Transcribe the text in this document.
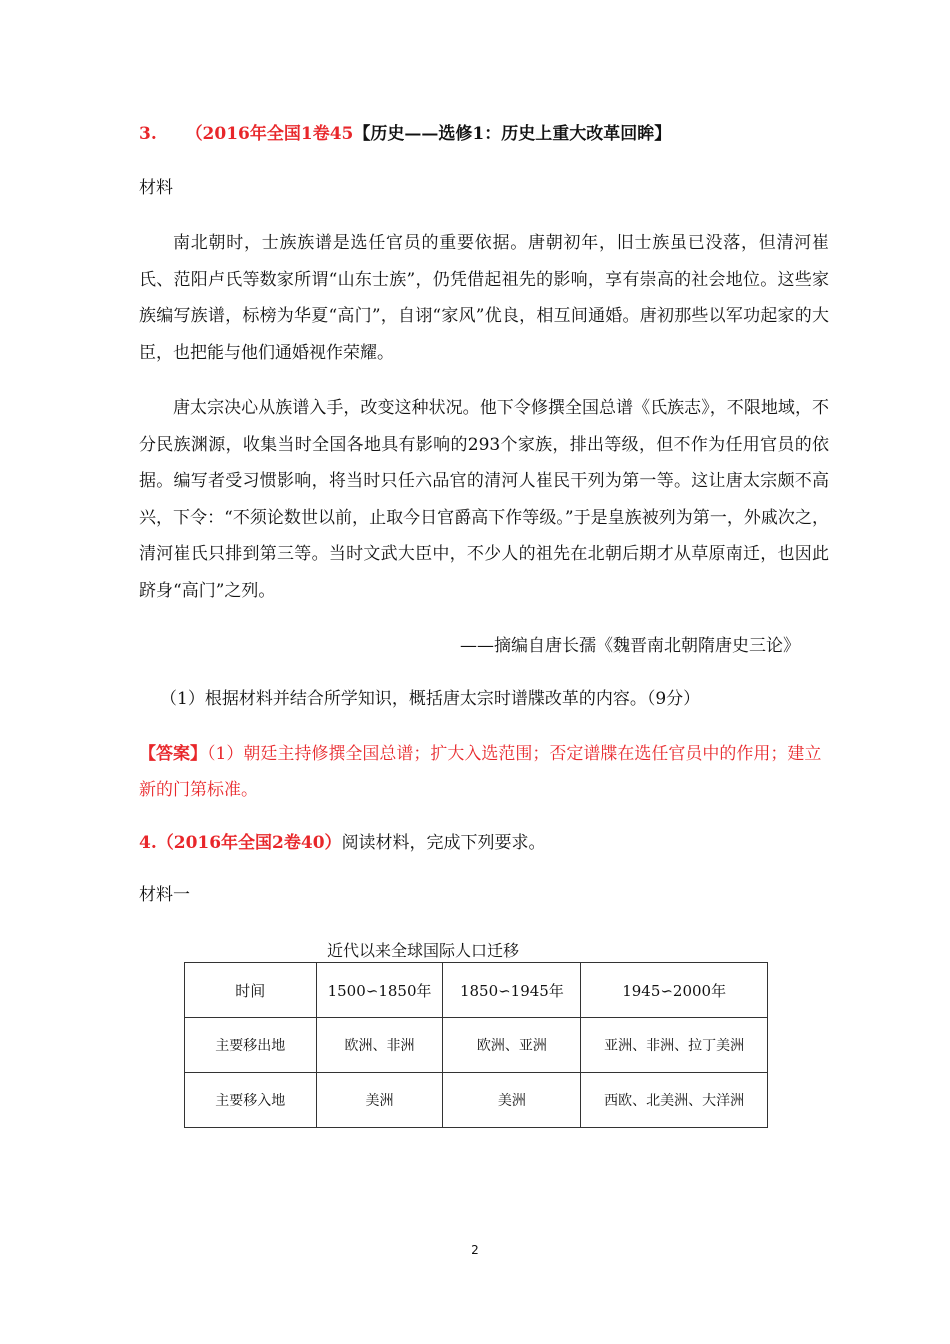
3. （2016年全国1卷45【历史——选修1：历史上重大改革回眸】
材料

南北朝时，士族族谱是选任官员的重要依据。唐朝初年，旧士族虽已没落，但清河崔氏、范阳卢氏等数家所谓“山东士族”，仍凭借起祖先的影响，享有崇高的社会地位。这些家族编写族谱，标榜为华夏“高门”，自诩“家风”优良，相互间通婚。唐初那些以军功起家的大臣，也把能与他们通婚视作荣耀。

唐太宗决心从族谱入手，改变这种状况。他下令修撰全国总谱《氏族志》，不限地域，不分民族渊源，收集当时全国各地具有影响的293个家族，排出等级，但不作为任用官员的依据。编写者受习惯影响，将当时只任六品官的清河人崔民干列为第一等。这让唐太宗颇不高兴，下令：“不须论数世以前，止取今日官爵高下作等级。”于是皇族被列为第一，外戚次之，清河崔氏只排到第三等。当时文武大臣中，不少人的祖先在北朝后期才从草原南迁，也因此跻身“高门”之列。

——摘编自唐长孺《魏晋南北朝隋唐史三论》
（1）根据材料并结合所学知识，概括唐太宗时谱牒改革的内容。（9分）
【答案】（1）朝廷主持修撰全国总谱；扩大入选范围；否定谱牒在选任官员中的作用；建立新的门第标准。
4.（2016年全国2卷40）阅读材料，完成下列要求。
材料一
近代以来全球国际人口迁移
时间	1500∽1850年	1850∽1945年	1945∽2000年
主要移出地	欧洲、非洲	欧洲、亚洲	亚洲、非洲、拉丁美洲
主要移入地	美洲	美洲	西欧、北美洲、大洋洲
2
